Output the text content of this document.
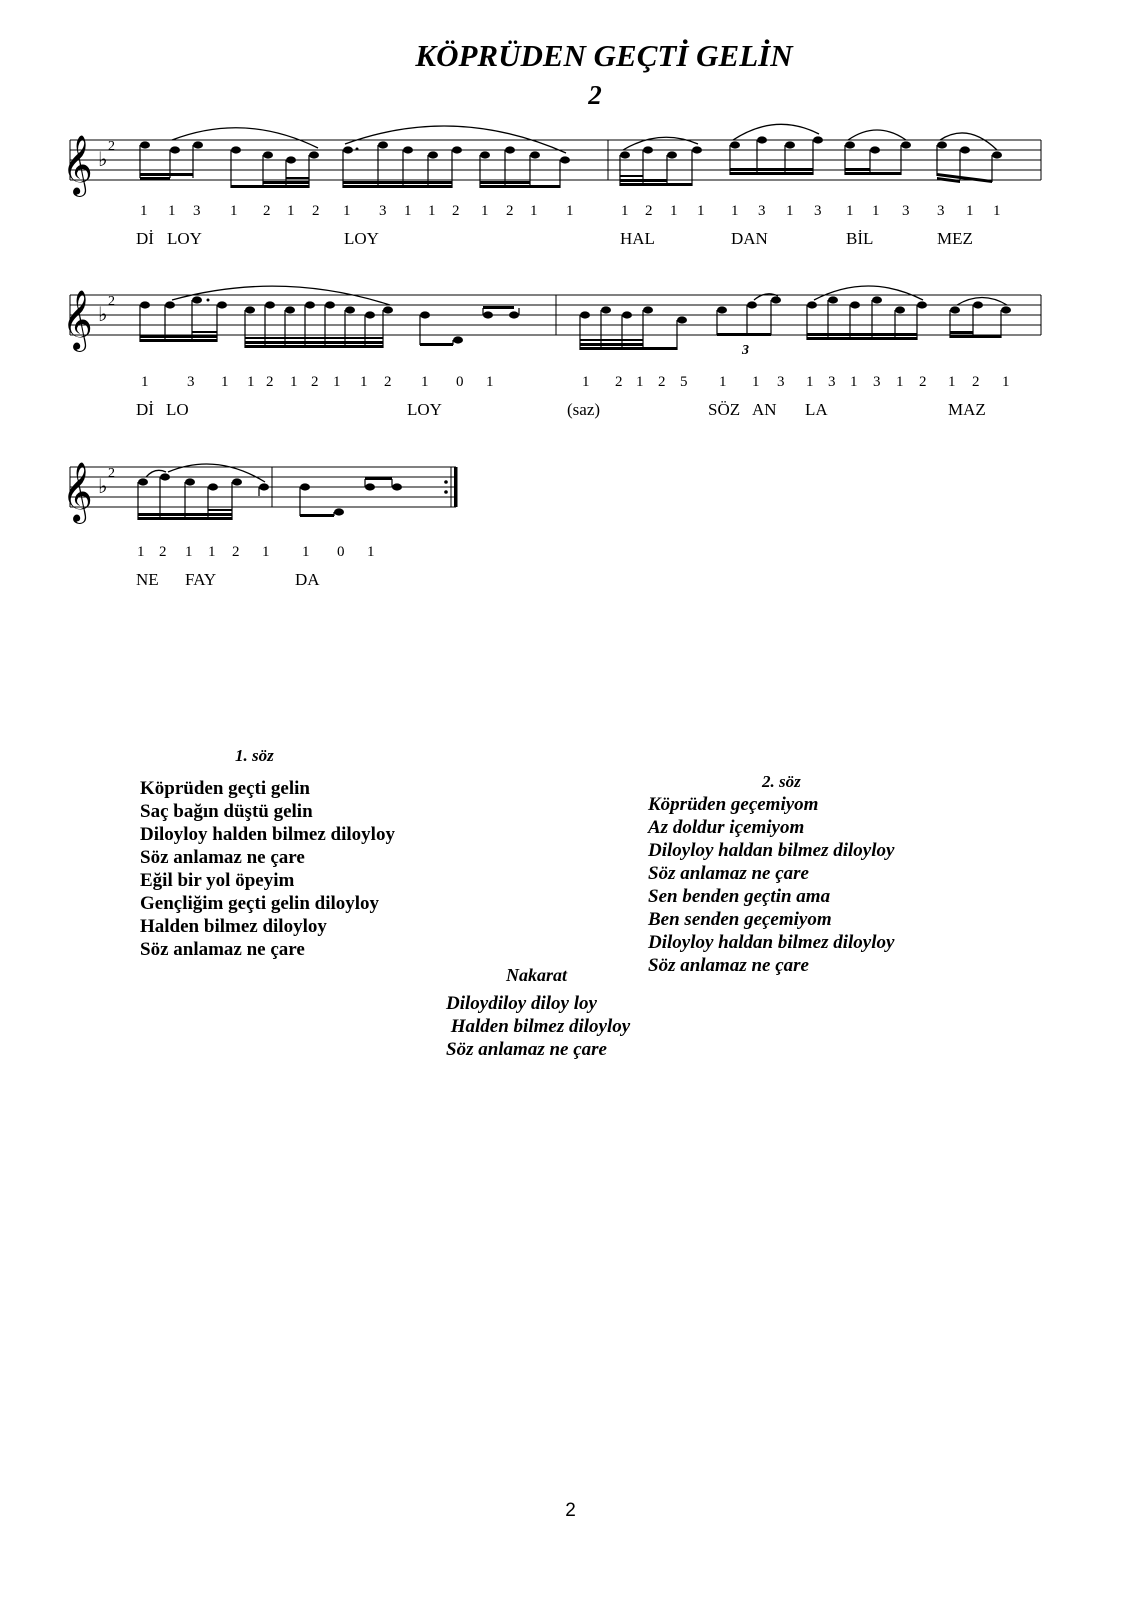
KÖPRÜDEN GEÇTİ GELİN
2
𝄞 ♭
2
1 1 3 1 2 1 2 1 3 1 1 2 1 2 1 1	1 2 1 1 1 3 1 3 1 1 3 3 1 1
Dİ LOY	LOY	HAL	DAN	BİL	MEZ
𝄞 ♭
2
3
1	3 1 1 2 1 2 1 1 2 1 0 1	1 2 1 2 5 1 1 3 1 3 1 3 1 2 1 2 1
Dİ LO	LOY	(saz)	SÖZ AN LA	MAZ
𝄞 ♭
2
1 2 1 1 2 1 1 0 1
NE FAY	DA
1. söz
Köprüden geçti gelin
Saç bağın düştü gelin
Diloyloy halden bilmez diloyloy
Söz anlamaz ne çare
Eğil bir yol öpeyim
Gençliğim geçti gelin diloyloy
Halden bilmez diloyloy
Söz anlamaz ne çare
2. söz
Köprüden geçemiyom
Az doldur içemiyom
Diloyloy haldan bilmez diloyloy
Söz anlamaz ne çare
Sen benden geçtin ama
Ben senden geçemiyom
Diloyloy haldan bilmez diloyloy
Söz anlamaz ne çare
Nakarat
Diloydiloy diloy loy
Halden bilmez diloyloy
Söz anlamaz ne çare
2
